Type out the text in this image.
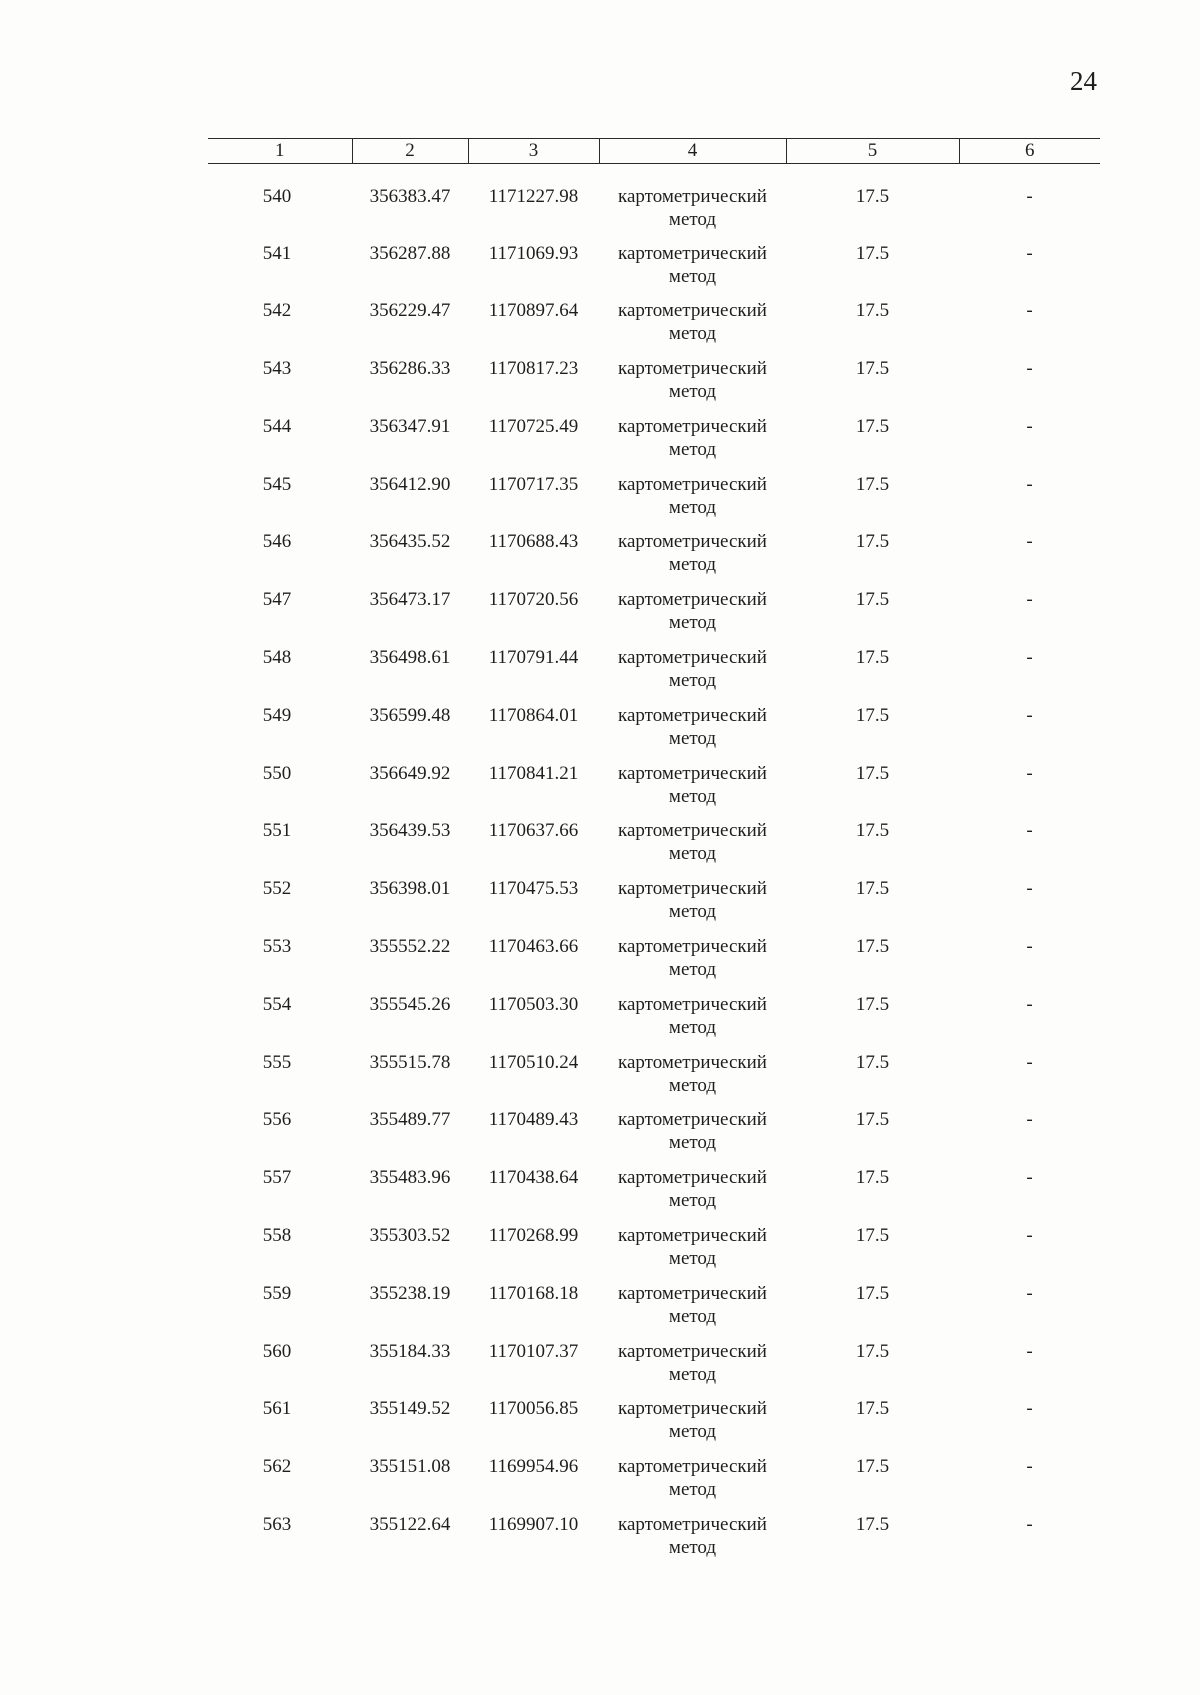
24
1	2	3	4	5	6
540	356383.47	1171227.98	картометрический метод	17.5	-
541	356287.88	1171069.93	картометрический метод	17.5	-
542	356229.47	1170897.64	картометрический метод	17.5	-
543	356286.33	1170817.23	картометрический метод	17.5	-
544	356347.91	1170725.49	картометрический метод	17.5	-
545	356412.90	1170717.35	картометрический метод	17.5	-
546	356435.52	1170688.43	картометрический метод	17.5	-
547	356473.17	1170720.56	картометрический метод	17.5	-
548	356498.61	1170791.44	картометрический метод	17.5	-
549	356599.48	1170864.01	картометрический метод	17.5	-
550	356649.92	1170841.21	картометрический метод	17.5	-
551	356439.53	1170637.66	картометрический метод	17.5	-
552	356398.01	1170475.53	картометрический метод	17.5	-
553	355552.22	1170463.66	картометрический метод	17.5	-
554	355545.26	1170503.30	картометрический метод	17.5	-
555	355515.78	1170510.24	картометрический метод	17.5	-
556	355489.77	1170489.43	картометрический метод	17.5	-
557	355483.96	1170438.64	картометрический метод	17.5	-
558	355303.52	1170268.99	картометрический метод	17.5	-
559	355238.19	1170168.18	картометрический метод	17.5	-
560	355184.33	1170107.37	картометрический метод	17.5	-
561	355149.52	1170056.85	картометрический метод	17.5	-
562	355151.08	1169954.96	картометрический метод	17.5	-
563	355122.64	1169907.10	картометрический метод	17.5	-
